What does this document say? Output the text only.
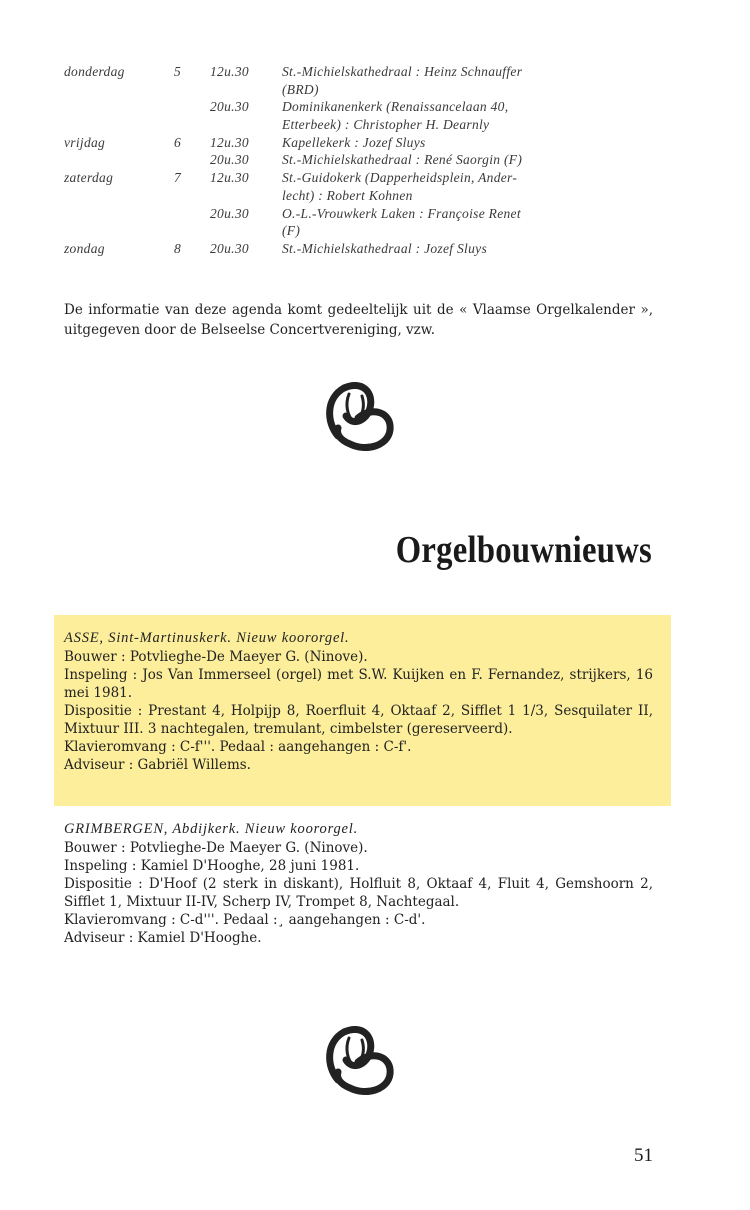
donderdag	5 12u.30 St.-Michielskathedraal : Heinz Schnauffer
(BRD)
20u.30 Dominikanenkerk (Renaissancelaan 40,
Etterbeek) : Christopher H. Dearnly
vrijdag	6 12u.30 Kapellekerk : Jozef Sluys
20u.30 St.-Michielskathedraal : René Saorgin (F)
zaterdag	7 12u.30 St.-Guidokerk (Dapperheidsplein, Ander-
lecht) : Robert Kohnen
20u.30 O.-L.-Vrouwkerk Laken : Françoise Renet
(F)
zondag	8 20u.30 St.-Michielskathedraal : Jozef Sluys

De informatie van deze agenda komt gedeeltelijk uit de « Vlaamse Orgelkalender », uitgegeven door de Belseelse Concertvereniging, vzw.

Orgelbouwnieuws
ASSE, Sint-Martinuskerk. Nieuw koororgel.
Bouwer : Potvlieghe-De Maeyer G. (Ninove).
Inspeling : Jos Van Immerseel (orgel) met S.W. Kuijken en F. Fernandez, strijkers, 16 mei 1981.
Dispositie : Prestant 4, Holpijp 8, Roerfluit 4, Oktaaf 2, Sifflet 1 1/3, Sesquilater II, Mixtuur III. 3 nachtegalen, tremulant, cimbelster (gereserveerd).
Klavieromvang : C-f'''. Pedaal : aangehangen : C-f'.
Adviseur : Gabriël Willems.
GRIMBERGEN, Abdijkerk. Nieuw koororgel.
Bouwer : Potvlieghe-De Maeyer G. (Ninove).
Inspeling : Kamiel D'Hooghe, 28 juni 1981.
Dispositie : D'Hoof (2 sterk in diskant), Holfluit 8, Oktaaf 4, Fluit 4, Gemshoorn 2, Sifflet 1, Mixtuur II-IV, Scherp IV, Trompet 8, Nachtegaal.
Klavieromvang : C-d'''. Pedaal :¸ aangehangen : C-d'.
Adviseur : Kamiel D'Hooghe.
51
